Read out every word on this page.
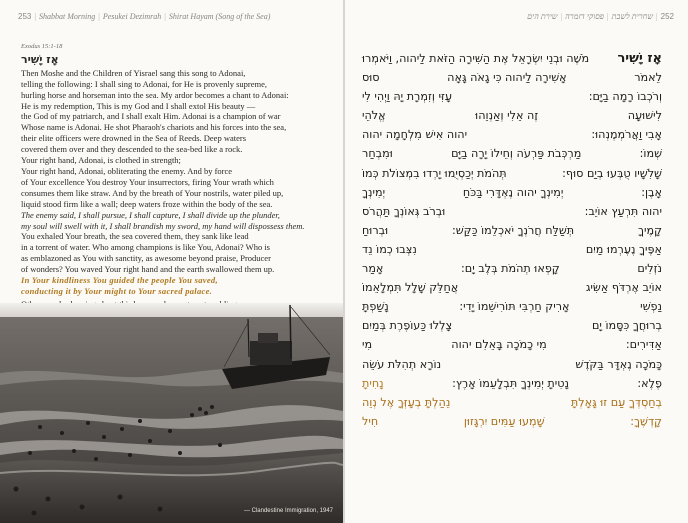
253 | Shabbat Morning | Pesukei Dezimrah | Shirat Hayam (Song of the Sea)
Exodus 15:1-18
אָז יָשִׁיר
Then Moshe and the Children of Yisrael sang this song to Adonai,
telling the following: I shall sing to Adonai, for He is provenly supreme,
hurling horse and horseman into the sea. My ardor becomes a chant to Adonai:
He is my redemption, This is my God and I shall extol His beauty —
the God of my patriarch, and I shall exalt Him. Adonai is a champion of war
Whose name is Adonai. He shot Pharaoh's chariots and his forces into the sea,
their elite officers were drowned in the Sea of Reeds. Deep waters
covered them over and they descended to the sea-bed like a rock.
Your right hand, Adonai, is clothed in strength;
Your right hand, Adonai, obliterating the enemy. And by force
of Your excellence You destroy Your insurrectors, firing Your wrath which
consumes them like straw. And by the breath of Your nostrils, water piled up,
liquid stood firm like a wall; deep waters froze within the body of the sea.
The enemy said, I shall pursue, I shall capture, I shall divide up the plunder,
my soul will swell with it, I shall brandish my sword, my hand will dispossess them.
You exhaled Your breath, the sea covered them, they sank like lead
in a torrent of water. Who among champions is like You, Adonai? Who is
as emblazoned as You with sanctity, as awesome beyond praise, Producer
of wonders? You waved Your right hand and the earth swallowed them up.
In Your kindliness You guided the people You saved,
conducting it by Your might to Your sacred palace.
— Clandestine Immigration, 1947
252|שחרית לשבת|פסוקי דזמרה|שירת הים
אָז יָשִׁיר
מֹשֶׁה וּבְנֵי יִשְׂרָאֵל אֶת הַשִּׁירָה הַזֹּאת לַיהוה, וַיֹּאמְרוּ
לֵאמֹר
אָשִׁירָה לַיהוה כִּי גָאֹה גָּאָה
סוּס
וְרֹכְבוֹ רָמָה בַיָּם:
עָזִּי וְזִמְרָת יָהּ וַיְהִי לִי
לִישׁוּעָה
זֶה אֵלִי וְאַנְוֵהוּ
אֱלֹהֵי
אָבִי וַאֲרֹמְמֶנְהוּ:
יהוה אִישׁ מִלְחָמָה יהוה
שְׁמוֹ:
מַרְכְּבֹת פַּרְעֹה וְחֵילוֹ יָרָה בַיָּם
וּמִבְחַר
שָׁלִשָׁיו טֻבְּעוּ בְיַם סוּף:
תְּהֹמֹת יְכַסְיֻמוּ יָרְדוּ בִמְצוֹלֹת כְּמוֹ
אָבֶן:
יְמִינְךָ יהוה נֶאְדָּרִי בַּכֹּחַ
יְמִינְךָ
יהוה תִּרְעַץ אוֹיֵב:
וּבְרֹב גְּאוֹנְךָ תַּהֲרֹס
קָמֶיךָ
תְּשַׁלַּח חֲרֹנְךָ יֹאכְלֵמוֹ כַּקַּשׁ:
וּבְרוּחַ
אַפֶּיךָ נֶעֶרְמוּ מַיִם
נִצְּבוּ כְמוֹ נֵד
נֹזְלִים
קָפְאוּ תְהֹמֹת בְּלֶב יָם:
אָמַר
אוֹיֵב אֶרְדֹּף אַשִּׂיג
אֲחַלֵּק שָׁלָל תִּמְלָאֵמוֹ
נַפְשִׁי
אָרִיק חַרְבִּי תּוֹרִישֵׁמוֹ יָדִי:
נָשַׁפְתָּ
בְרוּחֲךָ כִּסָּמוֹ יָם
צָלְלוּ כַּעוֹפֶרֶת בְּמַיִם
אַדִּירִים:
מִי כָמֹכָה בָּאֵלִם יהוה
מִי
כָּמֹכָה נֶאְדָּר בַּקֹּדֶשׁ
נוֹרָא תְהִלֹּת עֹשֵׂה
פֶלֶא:
נָטִיתָ יְמִינְךָ תִּבְלָעֵמוֹ אָרֶץ:
נָחִיתָ
בְחַסְדְּךָ עַם זוּ גָּאָלְתָּ
נֵהַלְתָּ בְעָזְּךָ אֶל נְוֵה
קָדְשֶׁךָ:
שָׁמְעוּ עַמִּים יִרְגָּזוּן
חִיל
